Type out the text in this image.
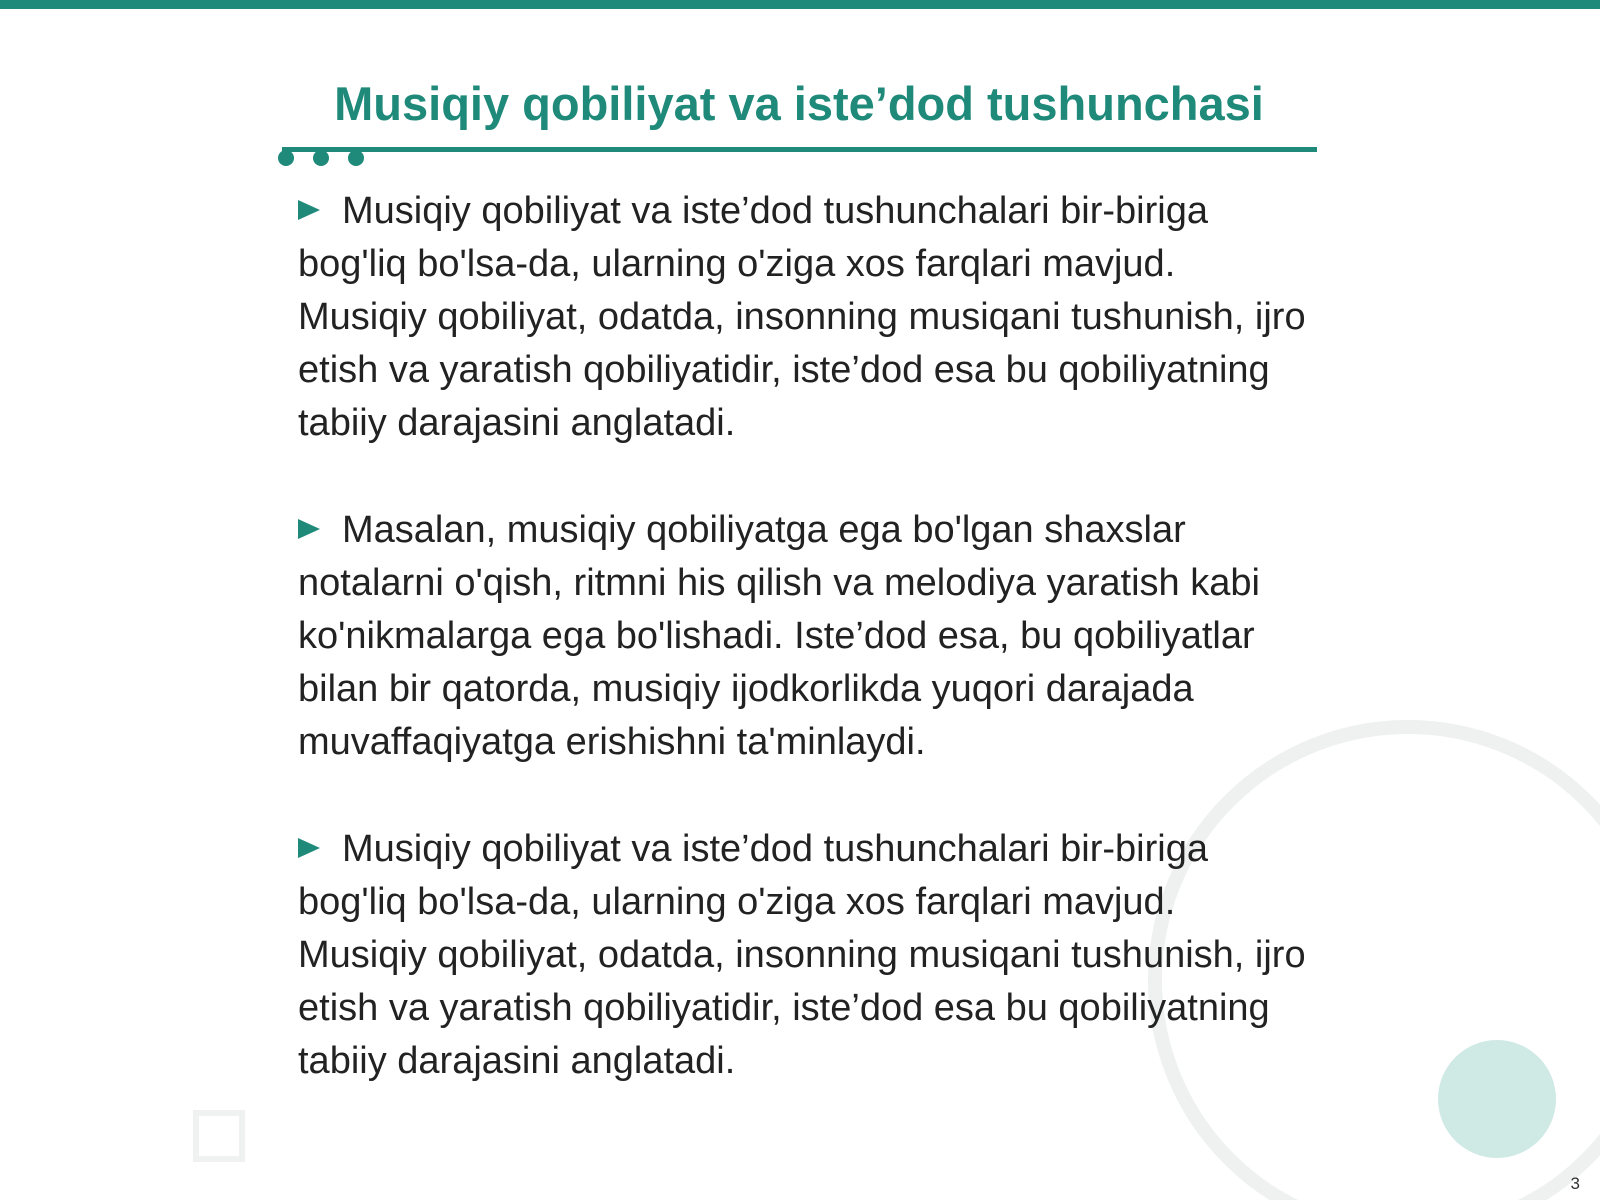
Musiqiy qobiliyat va iste’dod tushunchasi

Musiqiy qobiliyat va iste’dod tushunchalari bir-biriga bog'liq bo'lsa-da, ularning o'ziga xos farqlari mavjud. Musiqiy qobiliyat, odatda, insonning musiqani tushunish, ijro etish va yaratish qobiliyatidir, iste’dod esa bu qobiliyatning tabiiy darajasini anglatadi.

Masalan, musiqiy qobiliyatga ega bo'lgan shaxslar notalarni o'qish, ritmni his qilish va melodiya yaratish kabi ko'nikmalarga ega bo'lishadi. Iste’dod esa, bu qobiliyatlar bilan bir qatorda, musiqiy ijodkorlikda yuqori darajada muvaffaqiyatga erishishni ta'minlaydi.

Musiqiy qobiliyat va iste’dod tushunchalari bir-biriga bog'liq bo'lsa-da, ularning o'ziga xos farqlari mavjud. Musiqiy qobiliyat, odatda, insonning musiqani tushunish, ijro etish va yaratish qobiliyatidir, iste’dod esa bu qobiliyatning tabiiy darajasini anglatadi.

3
